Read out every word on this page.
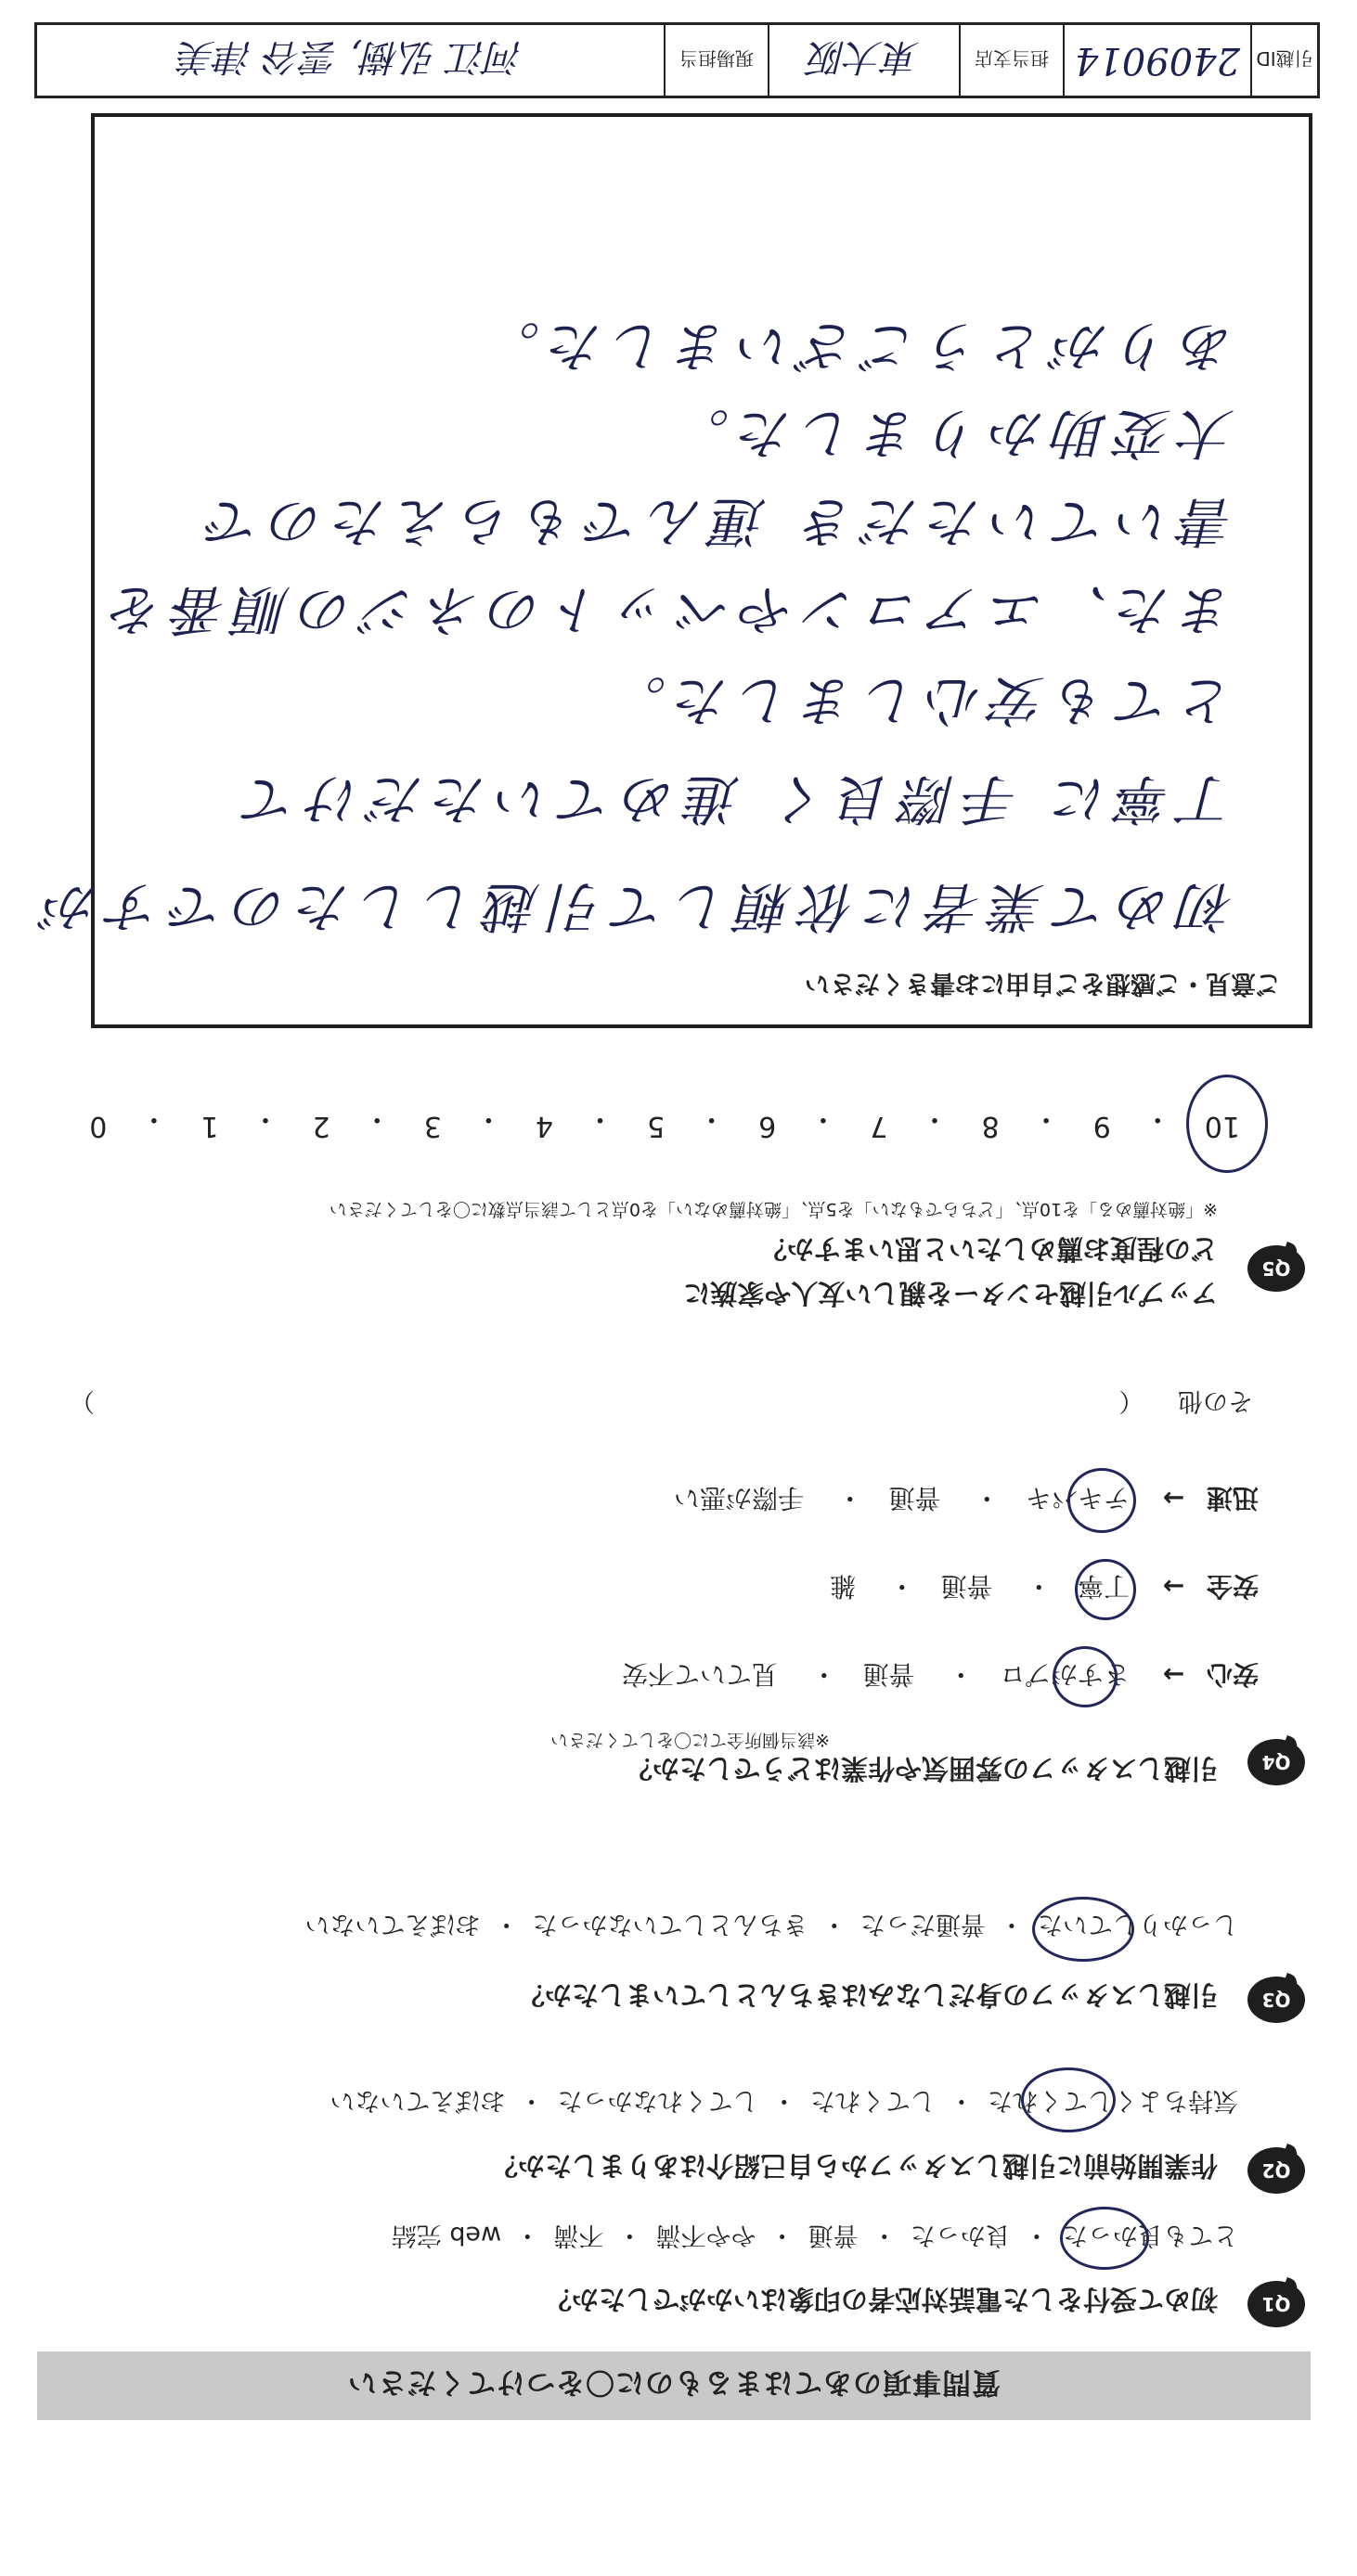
質問事項のあてはまるものに〇をつけてください
Q1
初めて受付をした電話対応者の印象はいかがでしたか？
とても良かった ・ 良かった ・ 普通 ・ やや不満 ・ 不満 ・ web 完結
Q2
作業開始前に引越しスタッフから自己紹介はありましたか？
気持ちよくしてくれた ・ してくれた ・ してくれなかった ・ おぼえていない
Q3
引越しスタッフの身だしなみはきちんとしていましたか？
しっかりしていた ・ 普通だった ・ きちんとしていなかった ・ おぼえていない
Q4
引越しスタッフの雰囲気や作業はどうでしたか？
※該当個所全てに〇をしてください
安心 → さすがプロ ・ 普通 ・ 見ていて不安
安全 → 丁寧 ・ 普通 ・ 雑
迅速 → テキパキ ・ 普通 ・ 手際が悪い
その他 （
）
Q5
アップル引越センターを親しい友人や家族に
どの程度お薦めしたいと思いますか？
※「絶対薦める」を10点、「どちらでもない」を5点、「絶対薦めない」を0点として該当点数に〇をしてください
10
・
9
・
8
・
7
・
6
・
5
・
4
・
3
・
2
・
1
・
0
ご意見・ご感想をご自由にお書きください
初めて業者に依頼して引越ししたのですが
丁寧に 手際良く 進めていただけて
とても安心しました。
また、エアコンやベットのネジの順番を
書いていただき 運んでもらえたので
大変助かりました。
ありがとうございました。
引越ID
2409014
担当支店
東大阪
現場担当
河江 弘樹, 雲谷 津美
